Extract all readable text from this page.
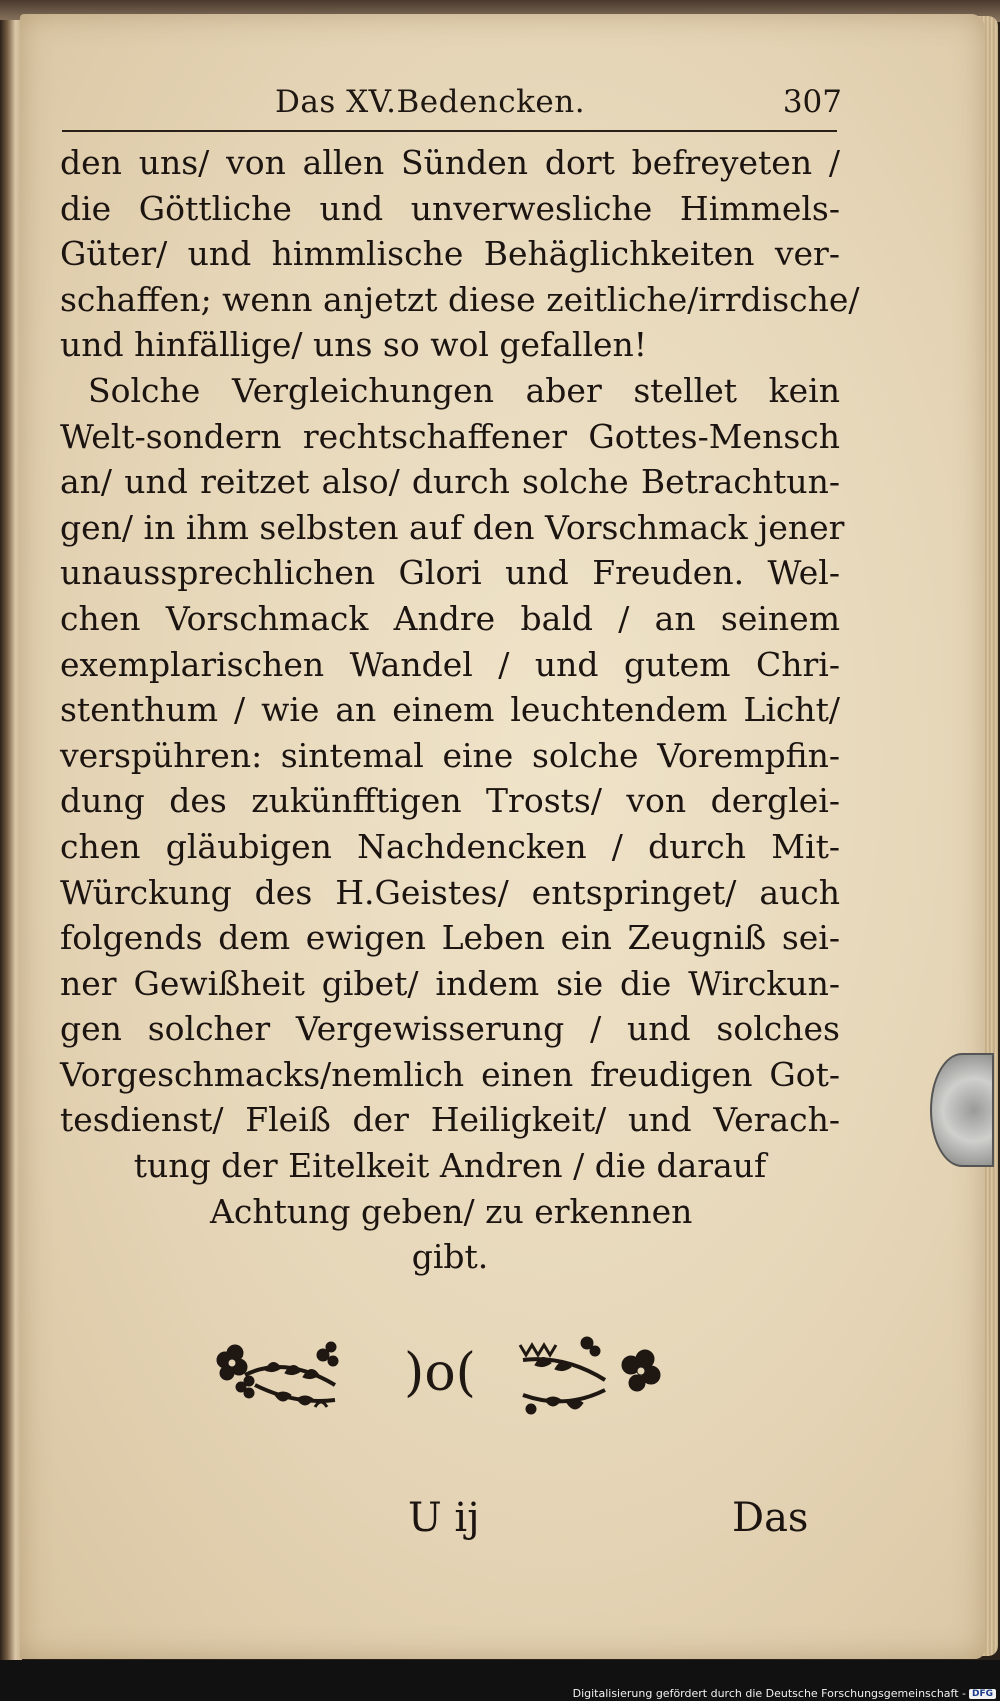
Das XV.Bedencken.	307
den uns/ von allen Sünden dort befreyeten /
die Göttliche und unverwesliche Himmels-
Güter/ und himmlische Behäglichkeiten ver-
schaffen; wenn anjetzt diese zeitliche/irrdische/
und hinfällige/ uns so wol gefallen!
Solche Vergleichungen aber stellet kein
Welt-sondern rechtschaffener Gottes-Mensch
an/ und reitzet also/ durch solche Betrachtun-
gen/ in ihm selbsten auf den Vorschmack jener
unaussprechlichen Glori und Freuden. Wel-
chen Vorschmack Andre bald / an seinem
exemplarischen Wandel / und gutem Chri-
stenthum / wie an einem leuchtendem Licht/
verspühren: sintemal eine solche Vorempfin-
dung des zukünfftigen Trosts/ von derglei-
chen gläubigen Nachdencken / durch Mit-
Würckung des H.Geistes/ entspringet/ auch
folgends dem ewigen Leben ein Zeugniß sei-
ner Gewißheit gibet/ indem sie die Wirckun-
gen solcher Vergewisserung / und solches
Vorgeschmacks/nemlich einen freudigen Got-
tesdienst/ Fleiß der Heiligkeit/ und Verach-
tung der Eitelkeit Andren / die darauf
Achtung geben/ zu erkennen
gibt.
)o(
U ij	Das
Digitalisierung gefördert durch die Deutsche Forschungsgemeinschaft - DFG
